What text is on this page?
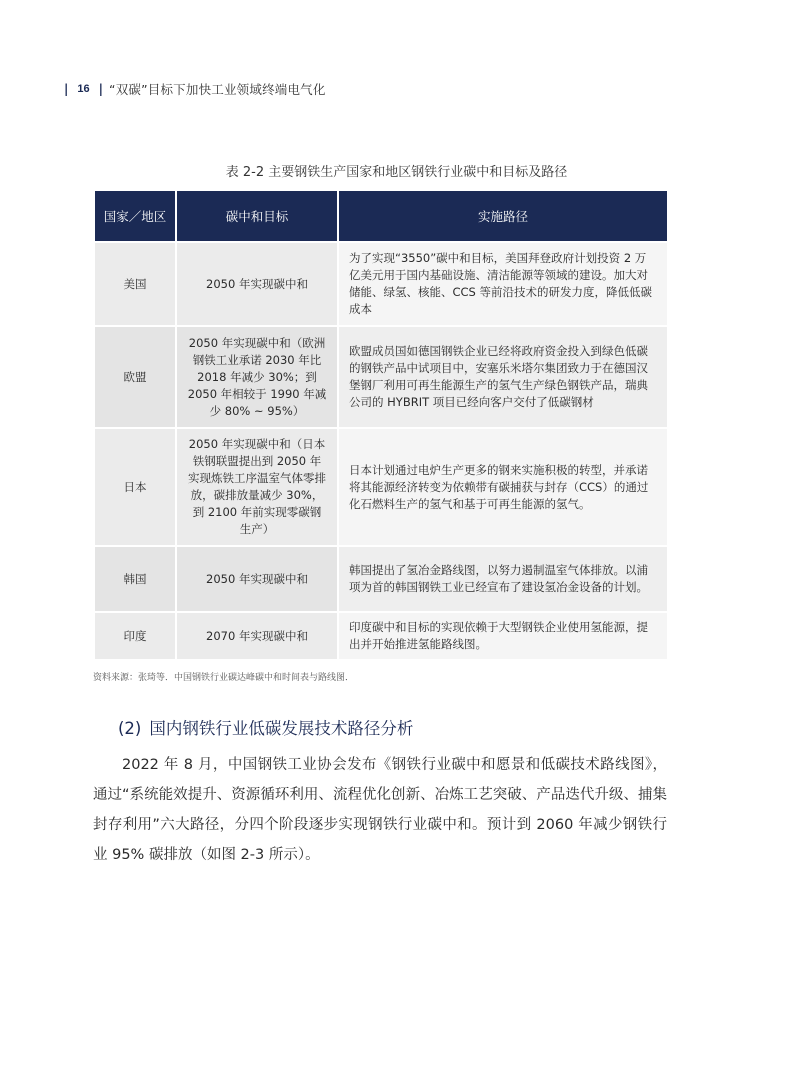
| 16 | “双碳”目标下加快工业领域终端电气化
表 2-2 主要钢铁生产国家和地区钢铁行业碳中和目标及路径
国家／地区	碳中和目标	实施路径
美国	2050 年实现碳中和	为了实现“3550”碳中和目标，美国拜登政府计划投资 2 万亿美元用于国内基础设施、清洁能源等领域的建设。加大对储能、绿氢、核能、CCS 等前沿技术的研发力度，降低低碳成本
欧盟	2050 年实现碳中和（欧洲钢铁工业承诺 2030 年比 2018 年减少 30%；到 2050 年相较于 1990 年减少 80% ~ 95%）	欧盟成员国如德国钢铁企业已经将政府资金投入到绿色低碳的钢铁产品中试项目中，安塞乐米塔尔集团致力于在德国汉堡钢厂利用可再生能源生产的氢气生产绿色钢铁产品，瑞典公司的 HYBRIT 项目已经向客户交付了低碳钢材
日本	2050 年实现碳中和（日本铁钢联盟提出到 2050 年实现炼铁工序温室气体零排放，碳排放量减少 30%，到 2100 年前实现零碳钢生产）	日本计划通过电炉生产更多的钢来实施积极的转型，并承诺将其能源经济转变为依赖带有碳捕获与封存（CCS）的通过化石燃料生产的氢气和基于可再生能源的氢气。
韩国	2050 年实现碳中和	韩国提出了氢冶金路线图，以努力遏制温室气体排放。以浦项为首的韩国钢铁工业已经宣布了建设氢冶金设备的计划。
印度	2070 年实现碳中和	印度碳中和目标的实现依赖于大型钢铁企业使用氢能源，提出并开始推进氢能路线图。
资料来源：张琦等．中国钢铁行业碳达峰碳中和时间表与路线图．
(2) 国内钢铁行业低碳发展技术路径分析
2022 年 8 月，中国钢铁工业协会发布《钢铁行业碳中和愿景和低碳技术路线图》，通过“系统能效提升、资源循环利用、流程优化创新、冶炼工艺突破、产品迭代升级、捕集封存利用”六大路径，分四个阶段逐步实现钢铁行业碳中和。预计到 2060 年减少钢铁行业 95% 碳排放（如图 2-3 所示）。
